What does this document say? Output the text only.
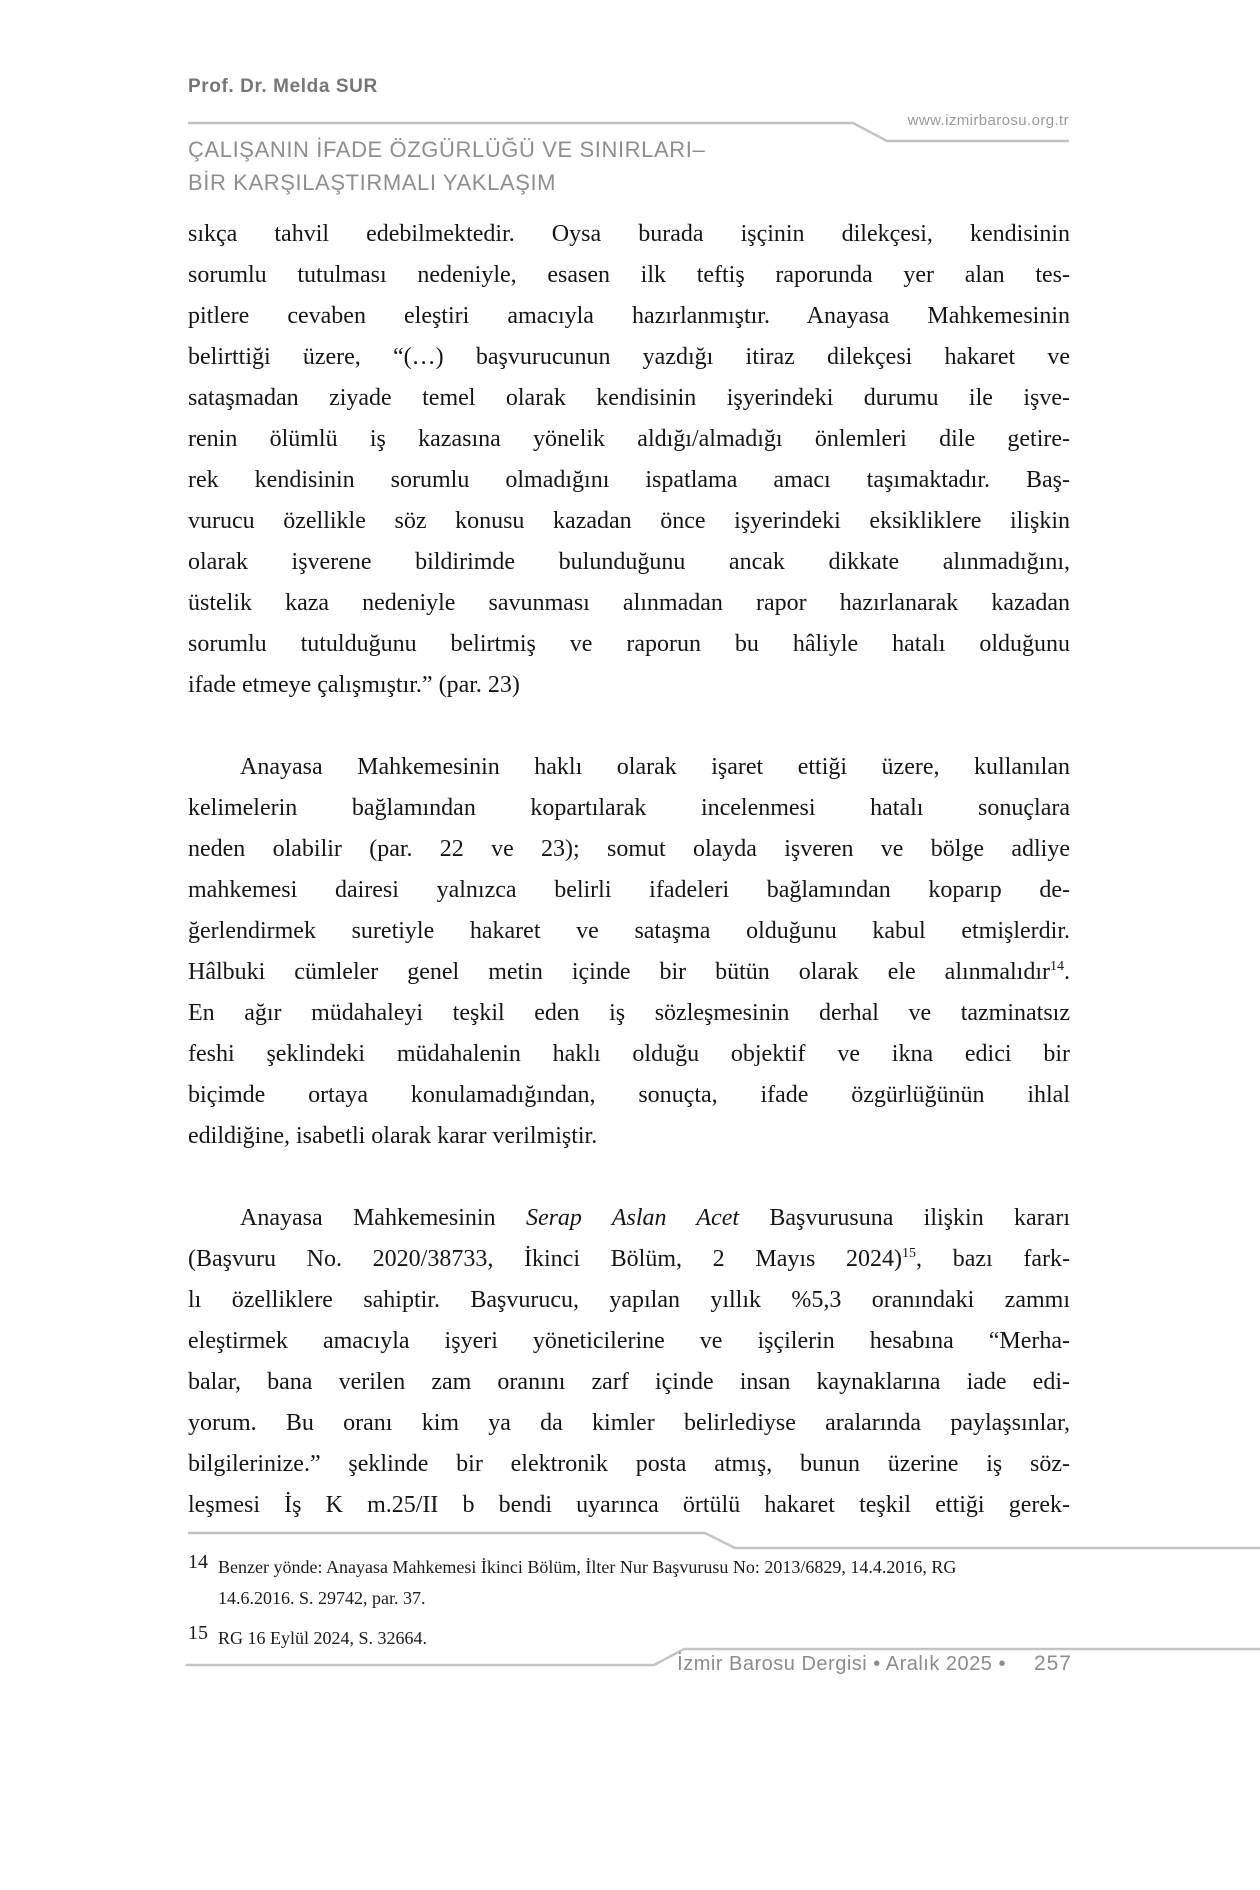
Prof. Dr. Melda SUR
www.izmirbarosu.org.tr
ÇALIŞANIN İFADE ÖZGÜRLÜĞÜ VE SINIRLARI–
BİR KARŞILAŞTIRMALI YAKLAŞIM
sıkça tahvil edebilmektedir. Oysa burada işçinin dilekçesi, kendisinin
sorumlu tutulması nedeniyle, esasen ilk teftiş raporunda yer alan tes-
pitlere cevaben eleştiri amacıyla hazırlanmıştır. Anayasa Mahkemesinin
belirttiği üzere, “(…) başvurucunun yazdığı itiraz dilekçesi hakaret ve
sataşmadan ziyade temel olarak kendisinin işyerindeki durumu ile işve-
renin ölümlü iş kazasına yönelik aldığı/almadığı önlemleri dile getire-
rek kendisinin sorumlu olmadığını ispatlama amacı taşımaktadır. Baş-
vurucu özellikle söz konusu kazadan önce işyerindeki eksikliklere ilişkin
olarak işverene bildirimde bulunduğunu ancak dikkate alınmadığını,
üstelik kaza nedeniyle savunması alınmadan rapor hazırlanarak kazadan
sorumlu tutulduğunu belirtmiş ve raporun bu hâliyle hatalı olduğunu
ifade etmeye çalışmıştır.” (par. 23)
Anayasa Mahkemesinin haklı olarak işaret ettiği üzere, kullanılan
kelimelerin bağlamından kopartılarak incelenmesi hatalı sonuçlara
neden olabilir (par. 22 ve 23); somut olayda işveren ve bölge adliye
mahkemesi dairesi yalnızca belirli ifadeleri bağlamından koparıp de-
ğerlendirmek suretiyle hakaret ve sataşma olduğunu kabul etmişlerdir.
Hâlbuki cümleler genel metin içinde bir bütün olarak ele alınmalıdır$^{14}$.
En ağır müdahaleyi teşkil eden iş sözleşmesinin derhal ve tazminatsız
feshi şeklindeki müdahalenin haklı olduğu objektif ve ikna edici bir
biçimde ortaya konulamadığından, sonuçta, ifade özgürlüğünün ihlal
edildiğine, isabetli olarak karar verilmiştir.
Anayasa Mahkemesinin Serap Aslan Acet Başvurusuna ilişkin kararı
(Başvuru No. 2020/38733, İkinci Bölüm, 2 Mayıs 2024)$^{15}$, bazı fark-
lı özelliklere sahiptir. Başvurucu, yapılan yıllık %5,3 oranındaki zammı
eleştirmek amacıyla işyeri yöneticilerine ve işçilerin hesabına “Merha-
balar, bana verilen zam oranını zarf içinde insan kaynaklarına iade edi-
yorum. Bu oranı kim ya da kimler belirlediyse aralarında paylaşsınlar,
bilgilerinize.” şeklinde bir elektronik posta atmış, bunun üzerine iş söz-
leşmesi İş K m.25/II b bendi uyarınca örtülü hakaret teşkil ettiği gerek-
14 Benzer yönde: Anayasa Mahkemesi İkinci Bölüm, İlter Nur Başvurusu No: 2013/6829, 14.4.2016, RG
14.6.2016. S. 29742, par. 37.
15 RG 16 Eylül 2024, S. 32664.
İzmir Barosu Dergisi • Aralık 2025 • 257
